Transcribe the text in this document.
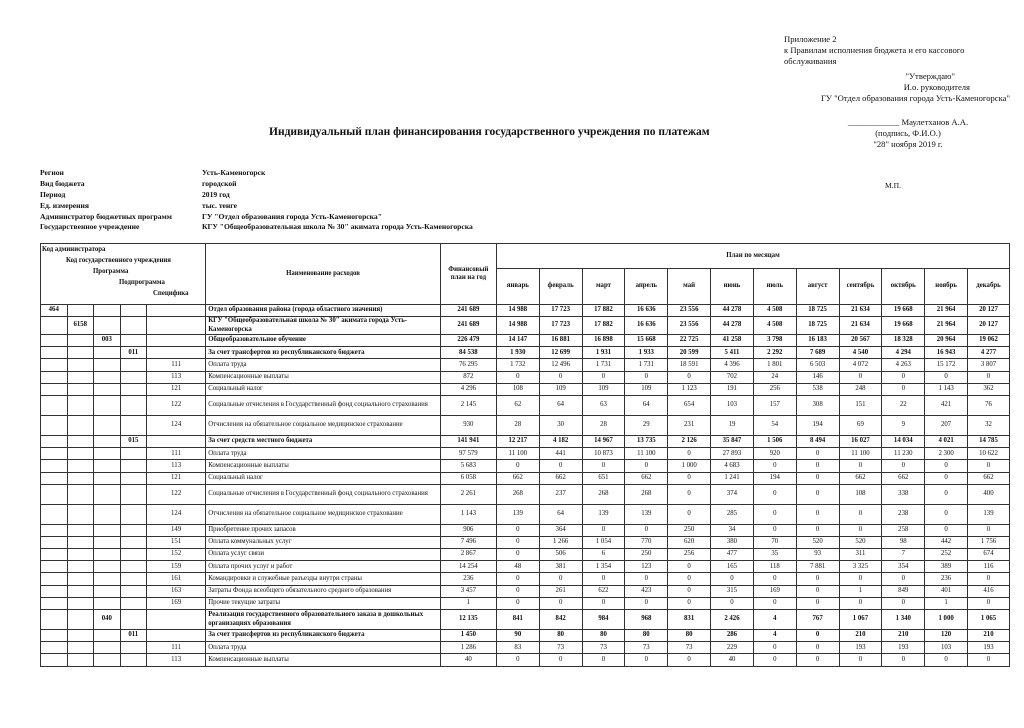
Приложение 2
к Правилам исполнения бюджета и его кассового
обслуживания
"Утверждаю"
И.о. руководителя
ГУ "Отдел образования города Усть-Каменогорска"
____________ Маулетханов А.А.
(подпись, Ф.И.О.)
"28" ноября 2019 г.
Индивидуальный план финансирования государственного учреждения по платежам
Регион	Усть-Каменогорск
Вид бюджета	городской
Период	2019 год
Ед. измерения	тыс. тенге
Администратор бюджетных программ	ГУ "Отдел образования города Усть-Каменогорска"
Государственное учреждение	КГУ "Общеобразовательная школа № 30" акимата города Усть-Каменогорска
М.П.
Код администратора
Код государственного учреждения
Программа
Подпрограмма
Специфика					Наименование расходов	Финансовый план на год	План по месяцам											
							январь	февраль	март	апрель	май	июнь	июль	август	сентябрь	октябрь	ноябрь	декабрь
464					Отдел образования района (города областного значения)	241 689	14 988	17 723	17 882	16 636	23 556	44 278	4 508	18 725	21 634	19 668	21 964	20 127
	6158				КГУ "Общеобразовательная школа № 30" акимата города Усть-Каменогорска	241 689	14 988	17 723	17 882	16 636	23 556	44 278	4 508	18 725	21 634	19 668	21 964	20 127
		003			Общеобразовательное обучение	226 479	14 147	16 881	16 898	15 668	22 725	41 258	3 798	16 183	20 567	18 328	20 964	19 062
			011		За счет трансфертов из республиканского бюджета	84 538	1 930	12 699	1 931	1 933	20 599	5 411	2 292	7 689	4 540	4 294	16 943	4 277
				111	Оплата труда	76 295	1 732	12 496	1 731	1 731	18 591	4 396	1 801	6 503	4 072	4 263	15 172	3 807
				113	Компенсационные выплаты	872	0	0	0	0	0	702	24	146	0	0	0	0
				121	Социальный налог	4 296	108	109	109	109	1 123	191	256	538	248	0	1 143	362
				122	Социальные отчисления в Государственный фонд социального страхования	2 145	62	64	63	64	654	103	157	308	151	22	421	76
				124	Отчисления на обязательное социальное медицинское страхование	930	28	30	28	29	231	19	54	194	69	9	207	32
			015		За счет средств местного бюджета	141 941	12 217	4 182	14 967	13 735	2 126	35 847	1 506	8 494	16 027	14 034	4 021	14 785
				111	Оплата труда	97 579	11 100	441	10 873	11 100	0	27 893	920	0	11 100	11 230	2 300	10 622
				113	Компенсационные выплаты	5 683	0	0	0	0	1 000	4 683	0	0	0	0	0	0
				121	Социальный налог	6 058	662	662	651	662	0	1 241	194	0	662	662	0	662
				122	Социальные отчисления в Государственный фонд социального страхования	2 261	268	237	268	268	0	374	0	0	108	338	0	400
				124	Отчисления на обязательное социальное медицинское страхование	1 143	139	64	139	139	0	285	0	0	0	238	0	139
				149	Приобретение прочих запасов	906	0	364	0	0	250	34	0	0	0	258	0	0
				151	Оплата коммунальных услуг	7 496	0	1 266	1 054	770	620	380	70	520	520	98	442	1 756
				152	Оплата услуг связи	2 867	0	506	6	250	256	477	35	93	311	7	252	674
				159	Оплата прочих услуг и работ	14 254	48	381	1 354	123	0	165	118	7 881	3 325	354	389	116
				161	Командировки и служебные разъезды внутри страны	236	0	0	0	0	0	0	0	0	0	0	236	0
				163	Затраты Фонда всеобщего обязательного среднего образования	3 457	0	261	622	423	0	315	169	0	1	849	401	416
				169	Прочие текущие затраты	1	0	0	0	0	0	0	0	0	0	0	1	0
		040			Реализация государственного образовательного заказа в дошкольных организациях образования	12 135	841	842	984	968	831	2 426	4	767	1 067	1 340	1 000	1 065
			011		За счет трансфертов из республиканского бюджета	1 450	90	80	80	80	80	286	4	0	210	210	120	210
				111	Оплата труда	1 286	83	73	73	73	73	229	0	0	193	193	103	193
				113	Компенсационные выплаты	40	0	0	0	0	0	40	0	0	0	0	0	0
